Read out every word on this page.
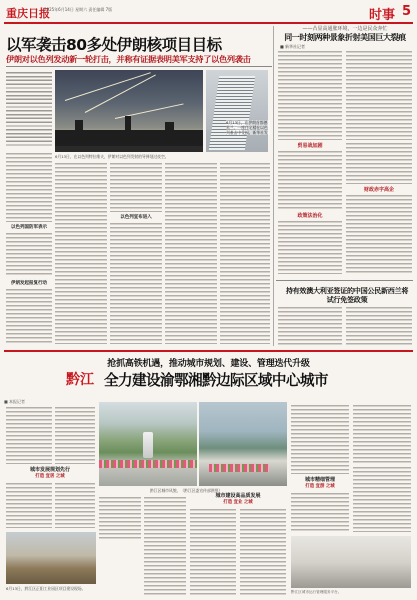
重庆日报
2025年6月14日 星期六 责任编辑 7版	时事 5
以军袭击80多处伊朗核项目目标
伊朗对以色列发动新一轮打击，并称有证据表明美军支持了以色列袭击
6月13日，在以色列特拉维夫，伊朗对以色列发射的导弹划过夜空。
6月13日，在伊朗首都德黑兰，一座住宅楼在以色列袭击中受损。新华社发
以色列国防军表示
伊朗发起报复行动
以色列宣布进入
——凸显高通胀环境，一边是民众奔忙
同一时刻两种景象折射美国巨大裂痕
■ 新华社记者
贸易战加剧
财政赤字高企
政策法治化
持有效澳大利亚签证的中国公民新西兰将试行免签政策
抢抓高铁机遇，推动城市规划、建设、管理迭代升级
黔江 全力建设渝鄂湘黔边际区域中心城市
■ 本报记者
城市发展规划先行
打造 宜居 之城
黔江区城市风貌。（黔江区委宣传部供图）
城市建设高品质发展
打造 宜业 之城
城市精细管理
打造 宜游 之城
6月13日，黔江区正阳工业园区项目建设现场。
黔江区城市运行管理服务平台。
